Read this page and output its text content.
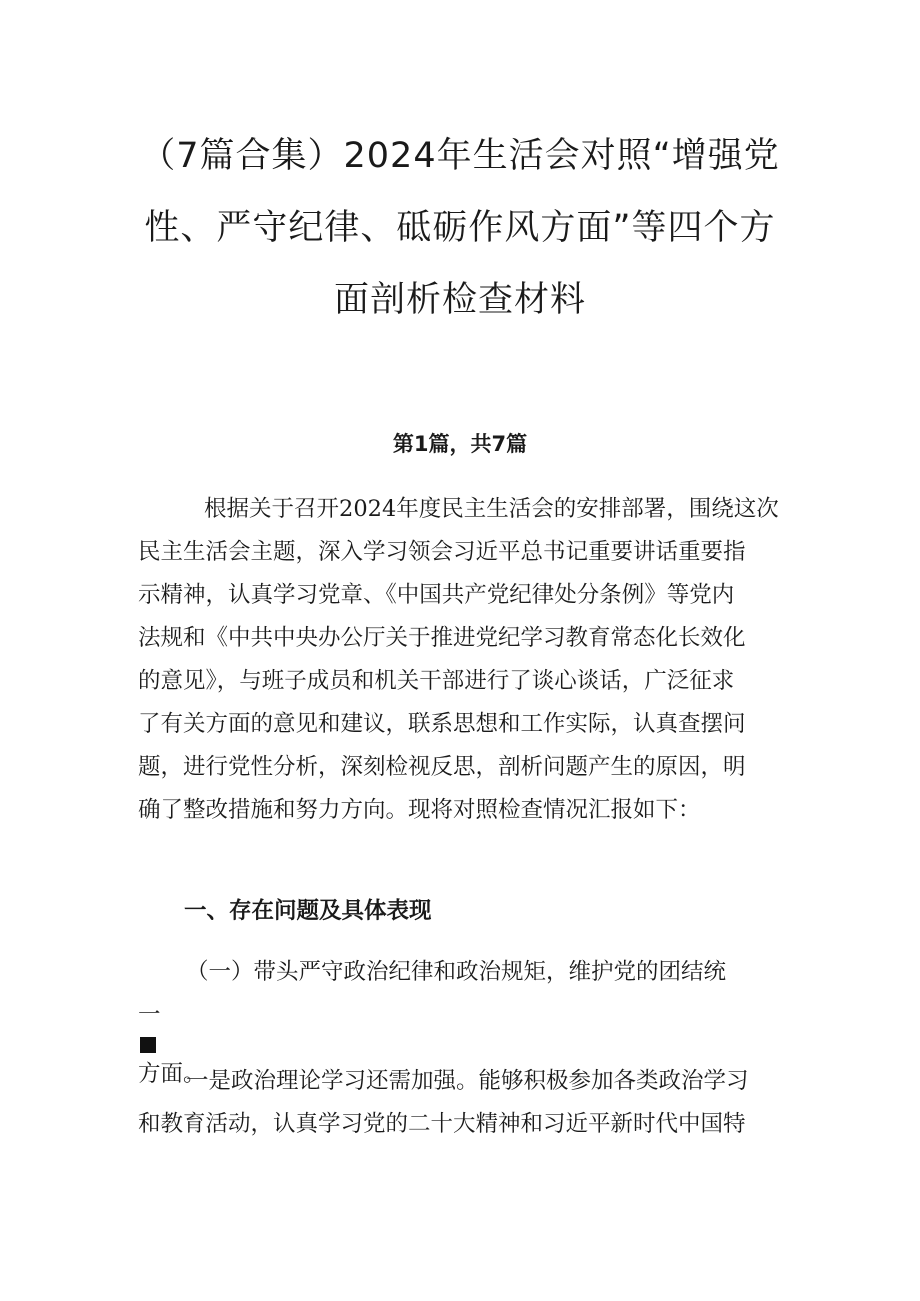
（7篇合集）2024年生活会对照“增强党
性、严守纪律、砥砺作风方面”等四个方
面剖析检查材料
第1篇，共7篇

根据关于召开2024年度民主生活会的安排部署，围绕这次
民主生活会主题，深入学习领会习近平总书记重要讲话重要指
示精神，认真学习党章、《中国共产党纪律处分条例》等党内
法规和《中共中央办公厅关于推进党纪学习教育常态化长效化
的意见》，与班子成员和机关干部进行了谈心谈话，广泛征求
了有关方面的意见和建议，联系思想和工作实际，认真查摆问
题，进行党性分析，深刻检视反思，剖析问题产生的原因，明
确了整改措施和努力方向。现将对照检查情况汇报如下：

一、存在问题及具体表现

（一）带头严守政治纪律和政治规矩，维护党的团结统
一
方面。

一是政治理论学习还需加强。能够积极参加各类政治学习
和教育活动，认真学习党的二十大精神和习近平新时代中国特
